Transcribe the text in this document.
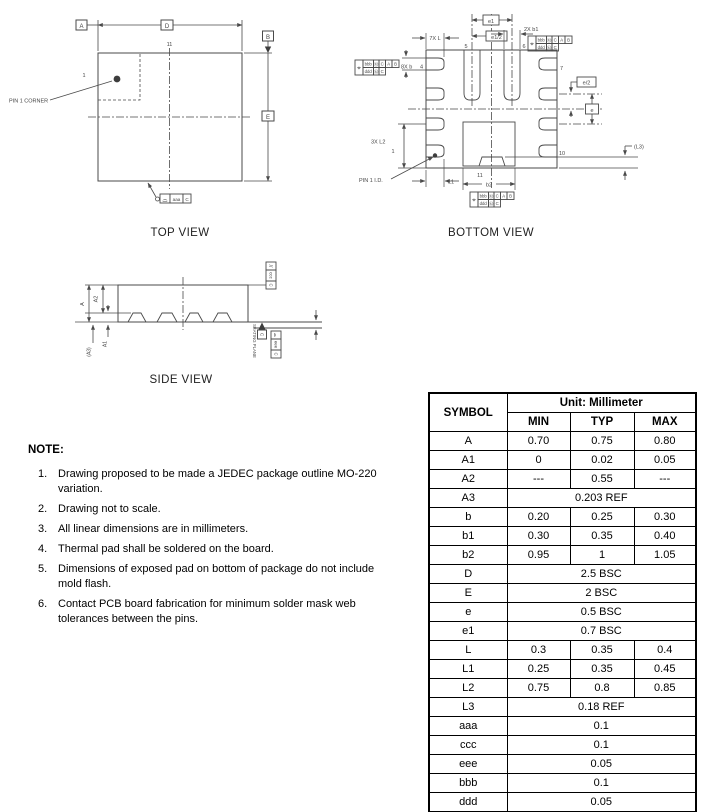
⌖
bbb Ⓜ C A B
ddd Ⓜ C
A	D
B
E
11
1
PIN 1 CORNER
⌓ aaa C
e1
e1/2
7X L
2X b1
8X b 4
5	6
7
10
1
11
3X L2
PIN 1 I.D.	L1	b2
e/2
e
(L3)
A
A2
A1
(A3)
//
ccc
C
SEATING PLANE C ⌓
eee
C
TOP VIEW	BOTTOM VIEW
SIDE VIEW
NOTE:
1. Drawing proposed to be made a JEDEC package outline MO-220 variation.
2. Drawing not to scale.
3. All linear dimensions are in millimeters.
4. Thermal pad shall be soldered on the board.
5. Dimensions of exposed pad on bottom of package do not include mold flash.
6. Contact PCB board fabrication for minimum solder mask web tolerances between the pins.
SYMBOL	Unit: Millimeter		
	MIN	TYP	MAX
A	0.70	0.75	0.80
A1	0	0.02	0.05
A2	---	0.55	---
A3	0.203 REF		
b	0.20	0.25	0.30
b1	0.30	0.35	0.40
b2	0.95	1	1.05
D	2.5 BSC		
E	2 BSC		
e	0.5 BSC		
e1	0.7 BSC		
L	0.3	0.35	0.4
L1	0.25	0.35	0.45
L2	0.75	0.8	0.85
L3	0.18 REF		
aaa	0.1		
ccc	0.1		
eee	0.05		
bbb	0.1		
ddd	0.05		
